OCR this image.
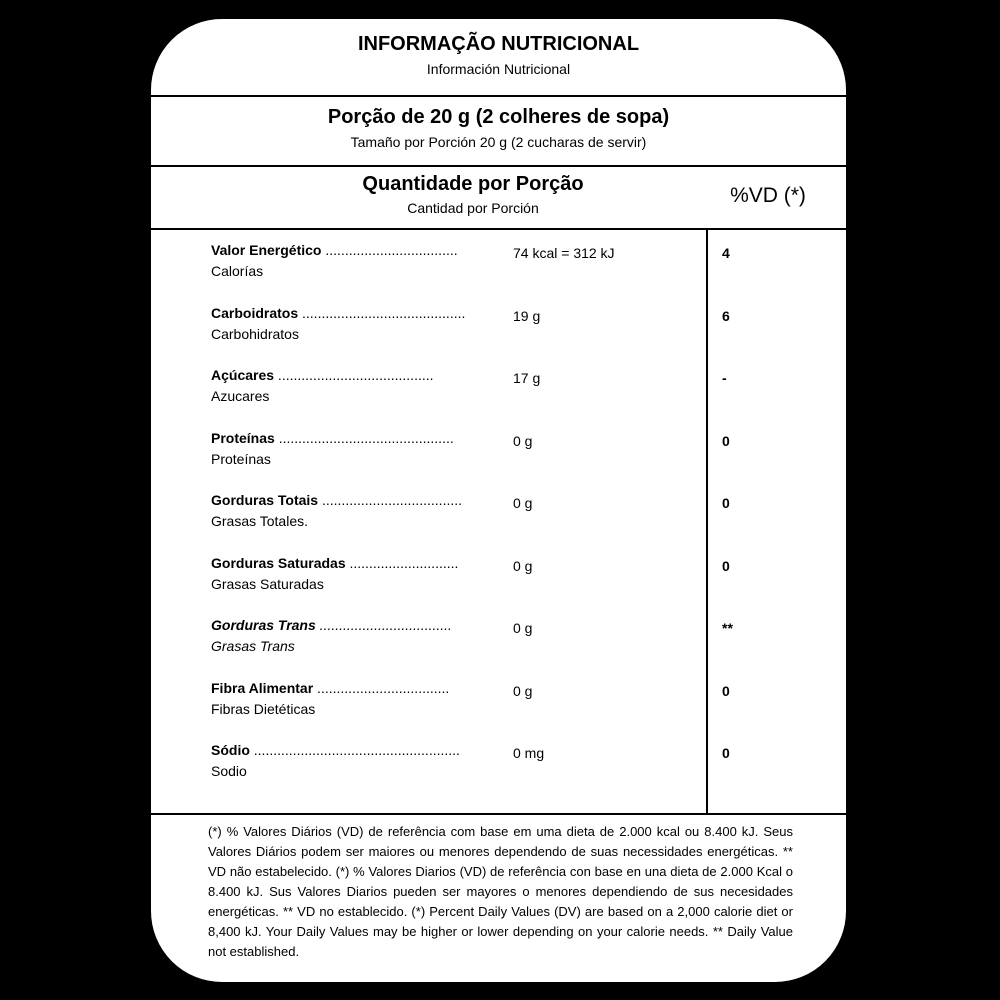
INFORMAÇÃO NUTRICIONAL
Información Nutricional
Porção de 20 g (2 colheres de sopa)
Tamaño por Porción 20 g (2 cucharas de servir)
Quantidade por Porção
Cantidad por Porción
%VD (*)
Valor Energético ..................................
Calorías
74 kcal = 312 kJ	4
Carboidratos ..........................................
Carbohidratos
19 g	6
Açúcares ........................................
Azucares
17 g	-
Proteínas .............................................
Proteínas
0 g	0
Gorduras Totais ....................................
Grasas Totales.
0 g	0
Gorduras Saturadas ............................
Grasas Saturadas
0 g	0
Gorduras Trans ..................................
Grasas Trans
0 g	**
Fibra Alimentar ..................................
Fibras Dietéticas
0 g	0
Sódio .....................................................
Sodio
0 mg	0
(*) % Valores Diários (VD) de referência com base em uma dieta de 2.000 kcal ou 8.400 kJ. Seus Valores Diários podem ser maiores ou menores dependendo de suas necessidades energéticas. ** VD não estabelecido. (*) % Valores Diarios (VD) de referência con base en una dieta de 2.000 Kcal o 8.400 kJ. Sus Valores Diarios pueden ser mayores o menores dependiendo de sus necesidades energéticas. ** VD no establecido. (*) Percent Daily Values (DV) are based on a 2,000 calorie diet or 8,400 kJ. Your Daily Values may be higher or lower depending on your calorie needs. ** Daily Value not established.
